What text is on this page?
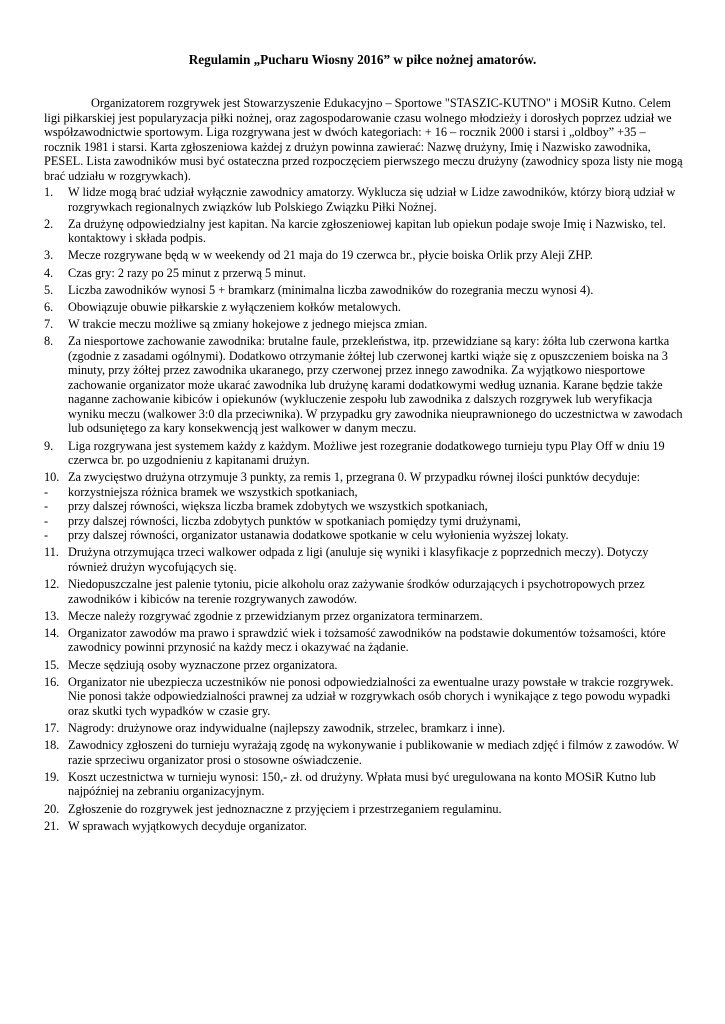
Regulamin „Pucharu Wiosny 2016” w piłce nożnej amatorów.

Organizatorem rozgrywek jest Stowarzyszenie Edukacyjno – Sportowe "STASZIC-KUTNO" i MOSiR Kutno. Celem ligi piłkarskiej jest popularyzacja piłki nożnej, oraz zagospodarowanie czasu wolnego młodzieży i dorosłych poprzez udział we współzawodnictwie sportowym. Liga rozgrywana jest w dwóch kategoriach: + 16 – rocznik 2000 i starsi i „oldboy” +35 – rocznik 1981 i starsi. Karta zgłoszeniowa każdej z drużyn powinna zawierać: Nazwę drużyny, Imię i Nazwisko zawodnika, PESEL. Lista zawodników musi być ostateczna przed rozpoczęciem pierwszego meczu drużyny (zawodnicy spoza listy nie mogą brać udziału w rozgrywkach).

1. W lidze mogą brać udział wyłącznie zawodnicy amatorzy. Wyklucza się udział w Lidze zawodników, którzy biorą udział w rozgrywkach regionalnych związków lub Polskiego Związku Piłki Nożnej.
2. Za drużynę odpowiedzialny jest kapitan. Na karcie zgłoszeniowej kapitan lub opiekun podaje swoje Imię i Nazwisko, tel. kontaktowy i składa podpis.
3. Mecze rozgrywane będą w w weekendy od 21 maja do 19 czerwca br., płycie boiska Orlik przy Aleji ZHP.
4. Czas gry: 2 razy po 25 minut z przerwą 5 minut.
5. Liczba zawodników wynosi 5 + bramkarz (minimalna liczba zawodników do rozegrania meczu wynosi 4).
6. Obowiązuje obuwie piłkarskie z wyłączeniem kołków metalowych.
7. W trakcie meczu możliwe są zmiany hokejowe z jednego miejsca zmian.
8. Za niesportowe zachowanie zawodnika: brutalne faule, przekleństwa, itp. przewidziane są kary: żółta lub czerwona kartka (zgodnie z zasadami ogólnymi). Dodatkowo otrzymanie żółtej lub czerwonej kartki wiąże się z opuszczeniem boiska na 3 minuty, przy żółtej przez zawodnika ukaranego, przy czerwonej przez innego zawodnika. Za wyjątkowo niesportowe zachowanie organizator może ukarać zawodnika lub drużynę karami dodatkowymi według uznania. Karane będzie także naganne zachowanie kibiców i opiekunów (wykluczenie zespołu lub zawodnika z dalszych rozgrywek lub weryfikacja wyniku meczu (walkower 3:0 dla przeciwnika). W przypadku gry zawodnika nieuprawnionego do uczestnictwa w zawodach lub odsuniętego za kary konsekwencją jest walkower w danym meczu.
9. Liga rozgrywana jest systemem każdy z każdym. Możliwe jest rozegranie dodatkowego turnieju typu Play Off w dniu 19 czerwca br. po uzgodnieniu z kapitanami drużyn.
10. Za zwycięstwo drużyna otrzymuje 3 punkty, za remis 1, przegrana 0. W przypadku równej ilości punktów decyduje:
- korzystniejsza różnica bramek we wszystkich spotkaniach,
- przy dalszej równości, większa liczba bramek zdobytych we wszystkich spotkaniach,
- przy dalszej równości, liczba zdobytych punktów w spotkaniach pomiędzy tymi drużynami,
- przy dalszej równości, organizator ustanawia dodatkowe spotkanie w celu wyłonienia wyższej lokaty.
11. Drużyna otrzymująca trzeci walkower odpada z ligi (anuluje się wyniki i klasyfikacje z poprzednich meczy). Dotyczy również drużyn wycofujących się.
12. Niedopuszczalne jest palenie tytoniu, picie alkoholu oraz zażywanie środków odurzających i psychotropowych przez zawodników i kibiców na terenie rozgrywanych zawodów.
13. Mecze należy rozgrywać zgodnie z przewidzianym przez organizatora terminarzem.
14. Organizator zawodów ma prawo i sprawdzić wiek i tożsamość zawodników na podstawie dokumentów tożsamości, które zawodnicy powinni przynosić na każdy mecz i okazywać na żądanie.
15. Mecze sędziują osoby wyznaczone przez organizatora.
16. Organizator nie ubezpiecza uczestników nie ponosi odpowiedzialności za ewentualne urazy powstałe w trakcie rozgrywek. Nie ponosi także odpowiedzialności prawnej za udział w rozgrywkach osób chorych i wynikające z tego powodu wypadki oraz skutki tych wypadków w czasie gry.
17. Nagrody: drużynowe oraz indywidualne (najlepszy zawodnik, strzelec, bramkarz i inne).
18. Zawodnicy zgłoszeni do turnieju wyrażają zgodę na wykonywanie i publikowanie w mediach zdjęć i filmów z zawodów. W razie sprzeciwu organizator prosi o stosowne oświadczenie.
19. Koszt uczestnictwa w turnieju wynosi: 150,- zł. od drużyny. Wpłata musi być uregulowana na konto MOSiR Kutno lub najpóźniej na zebraniu organizacyjnym.
20. Zgłoszenie do rozgrywek jest jednoznaczne z przyjęciem i przestrzeganiem regulaminu.
21. W sprawach wyjątkowych decyduje organizator.
